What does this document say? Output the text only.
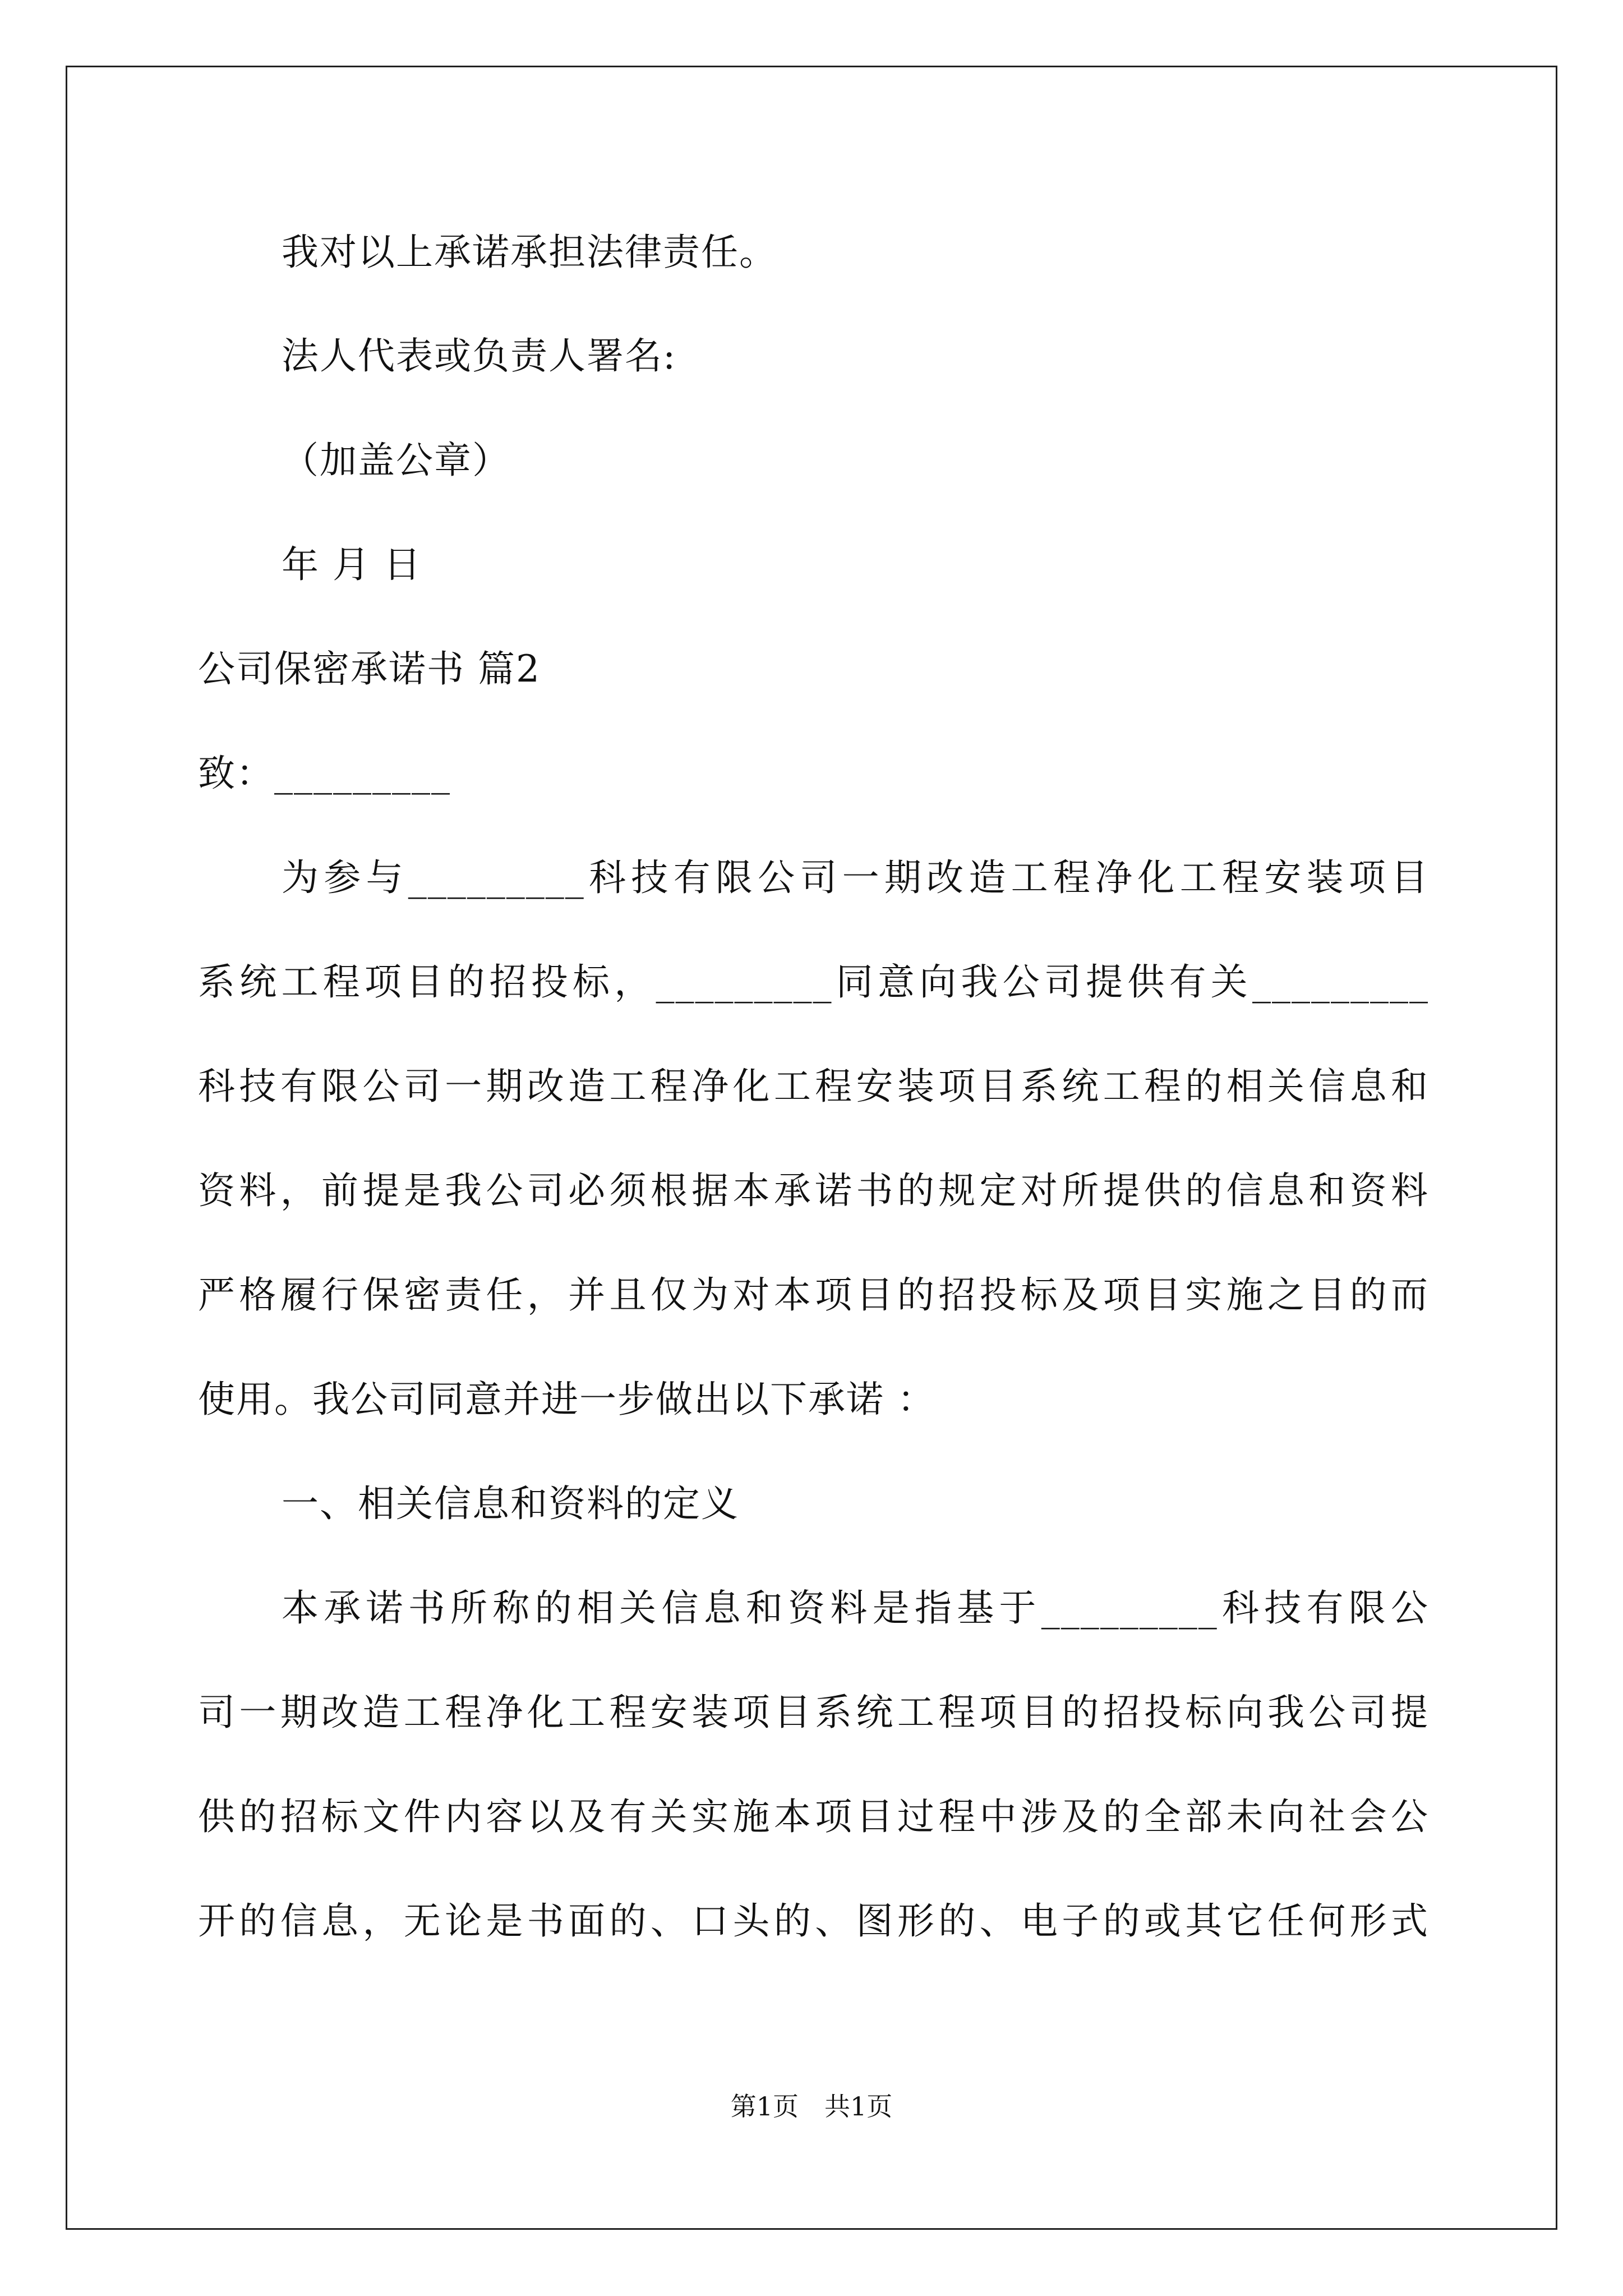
我对以上承诺承担法律责任。
法人代表或负责人署名:
（加盖公章）
年 月 日
公司保密承诺书 篇2
致：_________
为参与_________科技有限公司一期改造工程净化工程安装项目
系统工程项目的招投标，_________同意向我公司提供有关_________
科技有限公司一期改造工程净化工程安装项目系统工程的相关信息和
资料，前提是我公司必须根据本承诺书的规定对所提供的信息和资料
严格履行保密责任，并且仅为对本项目的招投标及项目实施之目的而
使用。我公司同意并进一步做出以下承诺 ：
一、相关信息和资料的定义
本承诺书所称的相关信息和资料是指基于_________科技有限公
司一期改造工程净化工程安装项目系统工程项目的招投标向我公司提
供的招标文件内容以及有关实施本项目过程中涉及的全部未向社会公
开的信息，无论是书面的、口头的、图形的、电子的或其它任何形式
第1页　共1页
